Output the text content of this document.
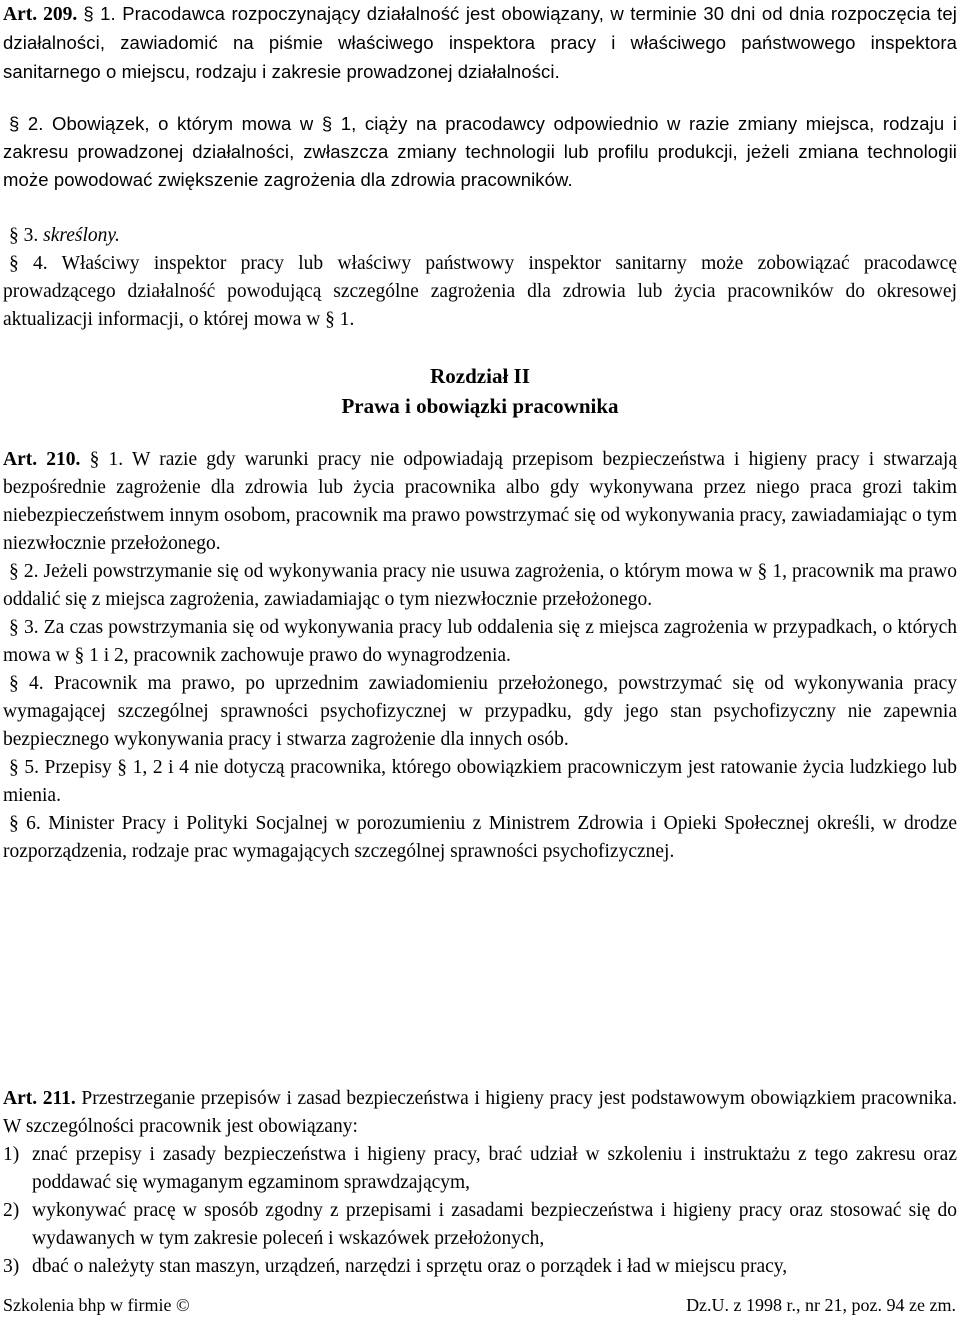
Art. 209. § 1. Pracodawca rozpoczynający działalność jest obowiązany, w terminie 30 dni od dnia rozpoczęcia tej działalności, zawiadomić na piśmie właściwego inspektora pracy i właściwego państwowego inspektora sanitarnego o miejscu, rodzaju i zakresie prowadzonej działalności.

§ 2. Obowiązek, o którym mowa w § 1, ciąży na pracodawcy odpowiednio w razie zmiany miejsca, rodzaju i zakresu prowadzonej działalności, zwłaszcza zmiany technologii lub profilu produkcji, jeżeli zmiana technologii może powodować zwiększenie zagrożenia dla zdrowia pracowników.

§ 3. skreślony.

§ 4. Właściwy inspektor pracy lub właściwy państwowy inspektor sanitarny może zobowiązać pracodawcę prowadzącego działalność powodującą szczególne zagrożenia dla zdrowia lub życia pracowników do okresowej aktualizacji informacji, o której mowa w § 1.

Rozdział II
Prawa i obowiązki pracownika

Art. 210. § 1. W razie gdy warunki pracy nie odpowiadają przepisom bezpieczeństwa i higieny pracy i stwarzają bezpośrednie zagrożenie dla zdrowia lub życia pracownika albo gdy wykonywana przez niego praca grozi takim niebezpieczeństwem innym osobom, pracownik ma prawo powstrzymać się od wykonywania pracy, zawiadamiając o tym niezwłocznie przełożonego.

§ 2. Jeżeli powstrzymanie się od wykonywania pracy nie usuwa zagrożenia, o którym mowa w § 1, pracownik ma prawo oddalić się z miejsca zagrożenia, zawiadamiając o tym niezwłocznie przełożonego.

§ 3. Za czas powstrzymania się od wykonywania pracy lub oddalenia się z miejsca zagrożenia w przypadkach, o których mowa w § 1 i 2, pracownik zachowuje prawo do wynagrodzenia.

§ 4. Pracownik ma prawo, po uprzednim zawiadomieniu przełożonego, powstrzymać się od wykonywania pracy wymagającej szczególnej sprawności psychofizycznej w przypadku, gdy jego stan psychofizyczny nie zapewnia bezpiecznego wykonywania pracy i stwarza zagrożenie dla innych osób.

§ 5. Przepisy § 1, 2 i 4 nie dotyczą pracownika, którego obowiązkiem pracowniczym jest ratowanie życia ludzkiego lub mienia.

§ 6. Minister Pracy i Polityki Socjalnej w porozumieniu z Ministrem Zdrowia i Opieki Społecznej określi, w drodze rozporządzenia, rodzaje prac wymagających szczególnej sprawności psychofizycznej.

Art. 211. Przestrzeganie przepisów i zasad bezpieczeństwa i higieny pracy jest podstawowym obowiązkiem pracownika. W szczególności pracownik jest obowiązany:

1) znać przepisy i zasady bezpieczeństwa i higieny pracy, brać udział w szkoleniu i instruktażu z tego zakresu oraz poddawać się wymaganym egzaminom sprawdzającym,
2) wykonywać pracę w sposób zgodny z przepisami i zasadami bezpieczeństwa i higieny pracy oraz stosować się do wydawanych w tym zakresie poleceń i wskazówek przełożonych,
3) dbać o należyty stan maszyn, urządzeń, narzędzi i sprzętu oraz o porządek i ład w miejscu pracy,
Szkolenia bhp w firmie ©	Dz.U. z 1998 r., nr 21, poz. 94 ze zm.
